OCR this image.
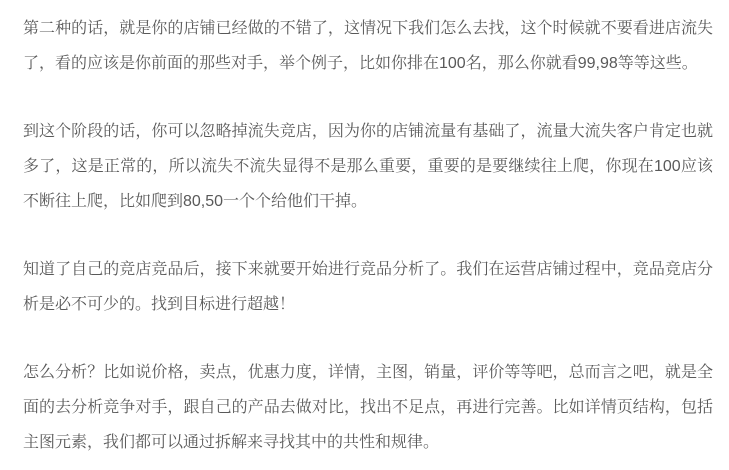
第二种的话，就是你的店铺已经做的不错了，这情况下我们怎么去找，这个时候就不要看进店流失了，看的应该是你前面的那些对手，举个例子，比如你排在100名，那么你就看99,98等等这些。

到这个阶段的话，你可以忽略掉流失竞店，因为你的店铺流量有基础了，流量大流失客户肯定也就多了，这是正常的，所以流失不流失显得不是那么重要，重要的是要继续往上爬，你现在100应该不断往上爬，比如爬到80,50一个个给他们干掉。

知道了自己的竞店竞品后，接下来就要开始进行竞品分析了。我们在运营店铺过程中，竞品竞店分析是必不可少的。找到目标进行超越！

怎么分析？比如说价格，卖点，优惠力度，详情，主图，销量，评价等等吧，总而言之吧，就是全面的去分析竞争对手，跟自己的产品去做对比，找出不足点，再进行完善。比如详情页结构，包括主图元素，我们都可以通过拆解来寻找其中的共性和规律。
